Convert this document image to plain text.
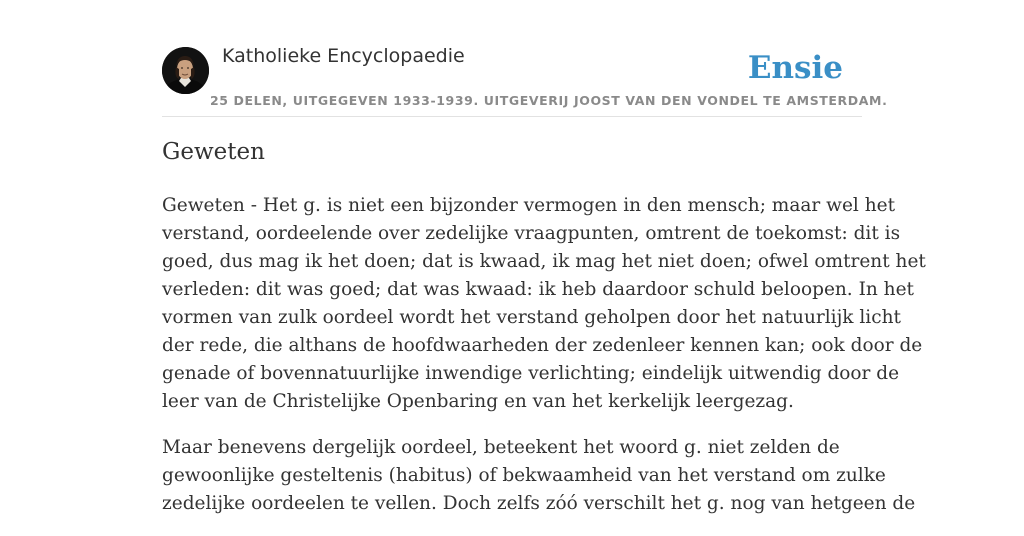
Katholieke Encyclopaedie
25 DELEN, UITGEGEVEN 1933-1939. UITGEVERIJ JOOST VAN DEN VONDEL TE AMSTERDAM.
Ensie
Geweten

Geweten - Het g. is niet een bijzonder vermogen in den mensch; maar wel het
verstand, oordeelende over zedelijke vraagpunten, omtrent de toekomst: dit is
goed, dus mag ik het doen; dat is kwaad, ik mag het niet doen; ofwel omtrent het
verleden: dit was goed; dat was kwaad: ik heb daardoor schuld beloopen. In het
vormen van zulk oordeel wordt het verstand geholpen door het natuurlijk licht
der rede, die althans de hoofdwaarheden der zedenleer kennen kan; ook door de
genade of bovennatuurlijke inwendige verlichting; eindelijk uitwendig door de
leer van de Christelijke Openbaring en van het kerkelijk leergezag.

Maar benevens dergelijk oordeel, beteekent het woord g. niet zelden de
gewoonlijke gesteltenis (habitus) of bekwaamheid van het verstand om zulke
zedelijke oordeelen te vellen. Doch zelfs zóó verschilt het g. nog van hetgeen de
